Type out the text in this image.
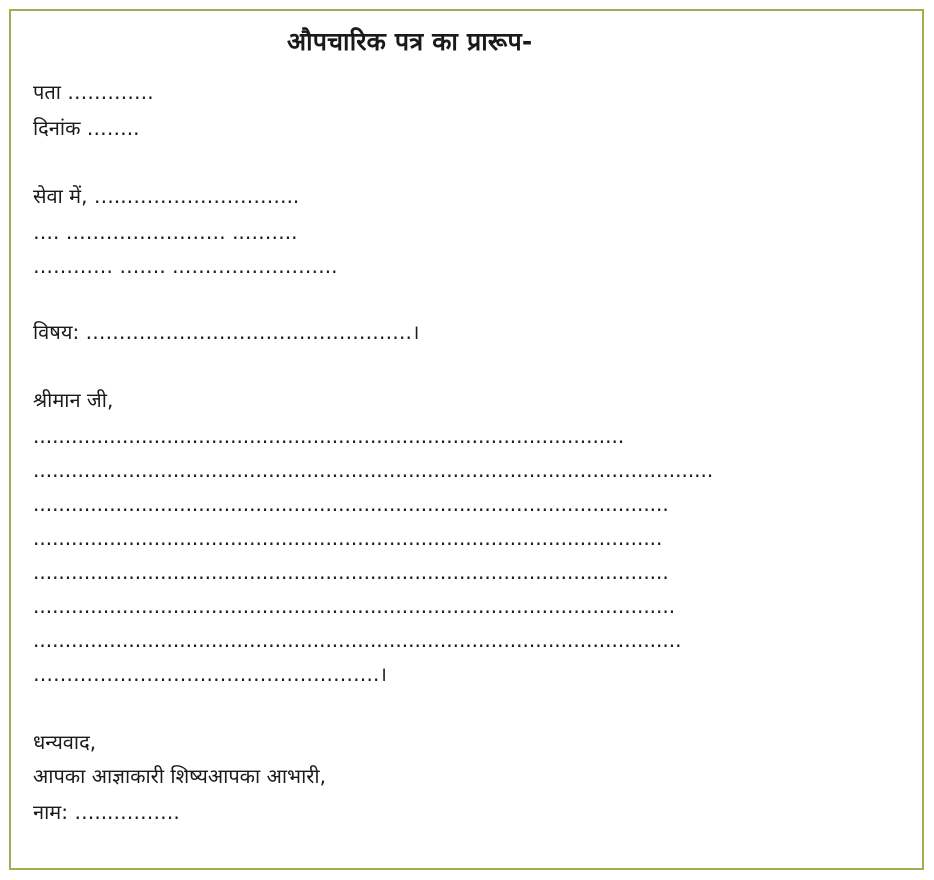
औपचारिक पत्र का प्रारूप-
पता ………….
दिनांक ……..
सेवा में, …..……………………..
…. …………………… ..……..
………… ……. ..…………………..
विषय: ………………………………………….।
श्रीमान जी,
.............................................................................................
...........................................................................................................
....................................................................................................
...................................................................................................
....................................................................................................
.....................................................................................................
......................................................................................................
…………………………………………….।
धन्यवाद,
आपका आज्ञाकारी शिष्यआपका आभारी,
नाम: …...……….
